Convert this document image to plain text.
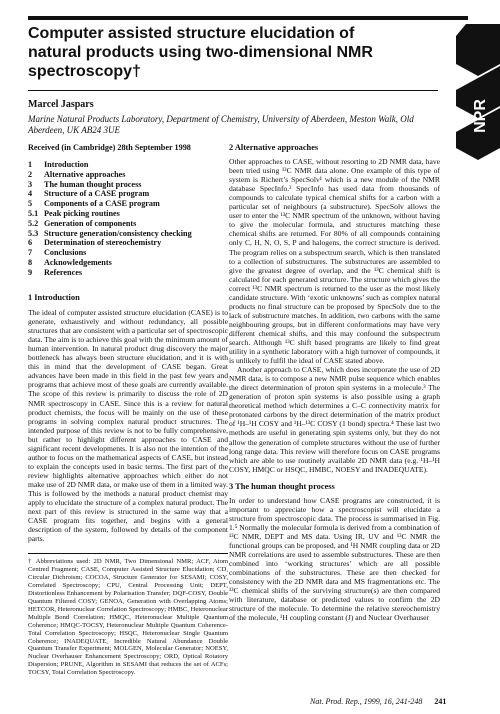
Computer assisted structure elucidation of natural products using two-dimensional NMR spectroscopy†
NPR
Marcel Jaspars
Marine Natural Products Laboratory, Department of Chemistry, University of Aberdeen, Meston Walk, Old Aberdeen, UK AB24 3UE
Received (in Cambridge) 28th September 1998
1	Introduction
2	Alternative approaches
3	The human thought process
4	Structure of a CASE program
5	Components of a CASE program
5.1 Peak picking routines
5.2 Generation of components
5.3 Structure generation/consistency checking
6	Determination of stereochemistry
7	Conclusions
8	Acknowledgements
9	References
1 Introduction

The ideal of computer assisted structure elucidation (CASE) is to generate, exhaustively and without redundancy, all possible structures that are consistent with a particular set of spectroscopic data. The aim is to achieve this goal with the minimum amount of human intervention. In natural product drug discovery the major bottleneck has always been structure elucidation, and it is with this in mind that the development of CASE began. Great advances have been made in this field in the past few years and programs that achieve most of these goals are currently available. The scope of this review is primarily to discuss the role of 2D NMR spectroscopy in CASE. Since this is a review for natural product chemists, the focus will be mainly on the use of these programs in solving complex natural product structures. The intended purpose of this review is not to be fully comprehensive, but rather to highlight different approaches to CASE and significant recent developments. It is also not the intention of the author to focus on the mathematical aspects of CASE, but instead to explain the concepts used in basic terms. The first part of the review highlights alternative approaches which either do not make use of 2D NMR data, or make use of them in a limited way. This is followed by the methods a natural product chemist may apply to elucidate the structure of a complex natural product. The next part of this review is structured in the same way that a CASE program fits together, and begins with a general description of the system, followed by details of the component parts.

† Abbreviations used: 2D NMR, Two Dimensional NMR; ACF, Atom Centred Fragment; CASE, Computer Assisted Structure Elucidation; CD, Circular Dichroism; COCOA, Structure Generator for SESAMI; COSY, Correlated Spectroscopy; CPU, Central Processing Unit; DEPT, Distortionless Enhancement by Polarisation Transfer; DQF-COSY, Double Quantum Filtered COSY; GENOA, Generation with Overlapping Atoms; HETCOR, Heteronuclear Correlation Spectroscopy; HMBC, Heteronuclear Multiple Bond Correlation; HMQC, Heteronuclear Multiple Quantum Coherence; HMQC-TOCSY, Heteronuclear Multiple Quantum Coherence-Total Correlation Spectroscopy; HSQC, Heteronuclear Single Quantum Coherence; INADEQUATE, Incredible Natural Abundance Double Quantum Transfer Experiment; MOLGEN, Molecular Generator; NOESY, Nuclear Overhauser Enhancement Spectroscopy; ORD, Optical Rotatory Dispersion; PRUNE, Algorithm in SESAMI that reduces the set of ACFs; TOCSY, Total Correlation Spectroscopy.
2 Alternative approaches

Other approaches to CASE, without resorting to 2D NMR data, have been tried using ¹³C NMR data alone. One example of this type of system is Richert’s SpecSolv¹ which is a new module of the NMR database SpecInfo.² SpecInfo has used data from thousands of compounds to calculate typical chemical shifts for a carbon with a particular set of neighbours (a substructure). SpecSolv allows the user to enter the ¹³C NMR spectrum of the unknown, without having to give the molecular formula, and structures matching these chemical shifts are returned. For 80% of all compounds containing only C, H, N, O, S, P and halogens, the correct structure is derived. The program relies on a subspectrum search, which is then translated to a collection of substructures. The substructures are assembled to give the greatest degree of overlap, and the ¹³C chemical shift is calculated for each generated structure. The structure which gives the correct ¹³C NMR spectrum is returned to the user as the most likely candidate structure. With ‘exotic unknowns’ such as complex natural products no final structure can be proposed by SpecSolv due to the lack of substructure matches. In addition, two carbons with the same neighbouring groups, but in different conformations may have very different chemical shifts, and this may confound the subspectrum search. Although ¹³C shift based programs are likely to find great utility in a synthetic laboratory with a high turnover of compounds, it is unlikely to fulfil the ideal of CASE stated above.

Another approach to CASE, which does incorporate the use of 2D NMR data, is to compose a new NMR pulse sequence which enables the direct determination of proton spin systems in a molecule.³ The generation of proton spin systems is also possible using a graph theoretical method which determines a C–C connectivity matrix for protonated carbons by the direct determination of the matrix product of ¹H–¹H COSY and ¹H–¹³C COSY (1 bond) spectra.⁴ These last two methods are useful in generating spin systems only, but they do not allow the generation of complete structures without the use of further long range data. This review will therefore focus on CASE programs which are able to use routinely available 2D NMR data (e.g. ¹H–¹H COSY, HMQC or HSQC, HMBC, NOESY and INADEQUATE).

3 The human thought process

In order to understand how CASE programs are constructed, it is important to appreciate how a spectroscopist will elucidate a structure from spectroscopic data. The process is summarised in Fig. 1.⁵ Normally the molecular formula is derived from a combination of ¹³C NMR, DEPT and MS data. Using IR, UV and ¹³C NMR the functional groups can be proposed, and ¹H NMR coupling data or 2D NMR correlations are used to assemble substructures. These are then combined into ‘working structures’ which are all possible combinations of the substructures. These are then checked for consistency with the 2D NMR data and MS fragmentations etc. The ¹³C chemical shifts of the surviving structure(s) are then compared with literature, database or predicted values to confirm the 2D structure of the molecule. To determine the relative stereochemistry of the molecule, ¹H coupling constant (J) and Nuclear Overhauser

Nat. Prod. Rep., 1999, 16, 241-248 241
